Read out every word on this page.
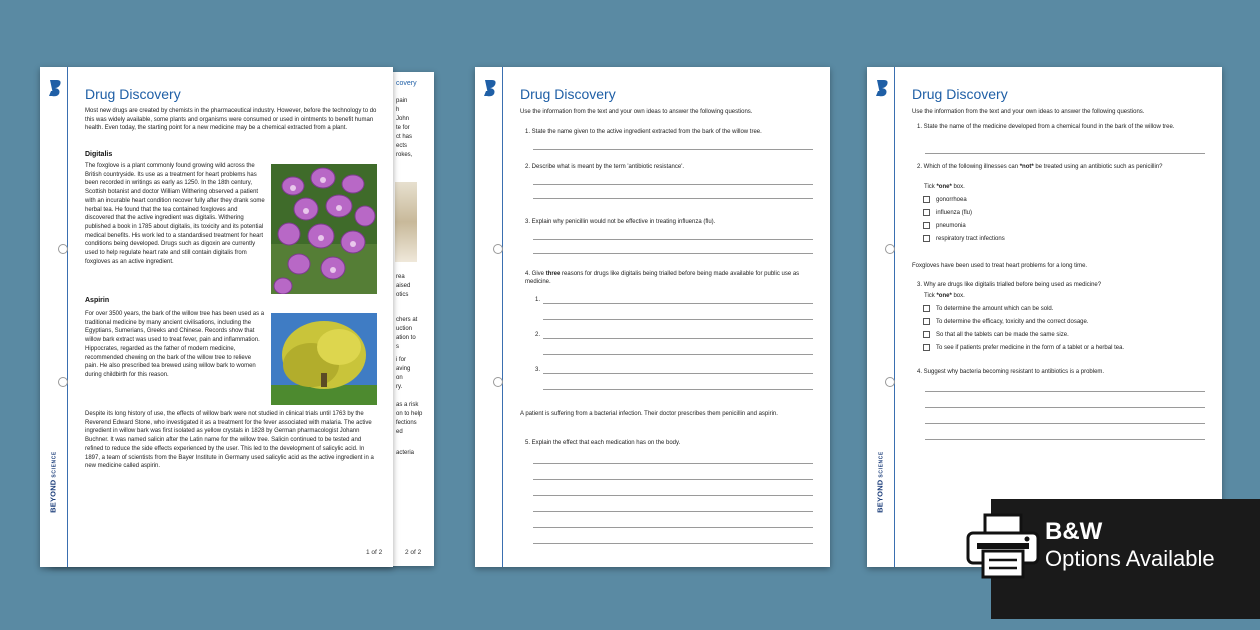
covery
pain
h
John
te for
ct has
ects
rokes,
rea
aised
otics
chers at
uction
ation to
s
i for
aving
on
ry.
as a risk
on to help
fections
ed
acteria
2 of 2
BEYONDSCIENCE
Drug Discovery
Most new drugs are created by chemists in the pharmaceutical industry. However, before the technology to do this was widely available, some plants and organisms were consumed or used in ointments to benefit human health. Even today, the starting point for a new medicine may be a chemical extracted from a plant.
Digitalis
The foxglove is a plant commonly found growing wild across the British countryside. Its use as a treatment for heart problems has been recorded in writings as early as 1250. In the 18th century, Scottish botanist and doctor William Withering observed a patient with an incurable heart condition recover fully after they drank some herbal tea. He found that the tea contained foxgloves and discovered that the active ingredient was digitalis. Withering published a book in 1785 about digitalis, its toxicity and its potential medical benefits. His work led to a standardised treatment for heart conditions being developed. Drugs such as digoxin are currently used to help regulate heart rate and still contain digitalis from foxgloves as an active ingredient.
Aspirin
For over 3500 years, the bark of the willow tree has been used as a traditional medicine by many ancient civilisations, including the Egyptians, Sumerians, Greeks and Chinese. Records show that willow bark extract was used to treat fever, pain and inflammation. Hippocrates, regarded as the father of modern medicine, recommended chewing on the bark of the willow tree to relieve pain. He also prescribed tea brewed using willow bark to women during childbirth for this reason.
Despite its long history of use, the effects of willow bark were not studied in clinical trials until 1763 by the Reverend Edward Stone, who investigated it as a treatment for the fever associated with malaria. The active ingredient in willow bark was first isolated as yellow crystals in 1828 by German pharmacologist Johann Buchner. It was named salicin after the Latin name for the willow tree. Salicin continued to be tested and refined to reduce the side effects experienced by the user. This led to the development of salicylic acid. In 1897, a team of scientists from the Bayer Institute in Germany used salicylic acid as the active ingredient in a new medicine called aspirin.
1 of 2
Drug Discovery
Use the information from the text and your own ideas to answer the following questions.
1. State the name given to the active ingredient extracted from the bark of the willow tree.
2. Describe what is meant by the term 'antibiotic resistance'.
3. Explain why penicillin would not be effective in treating influenza (flu).
4. Give three reasons for drugs like digitalis being trialled before being made available for public use as medicine.
1.
2.
3.
A patient is suffering from a bacterial infection. Their doctor prescribes them penicillin and aspirin.
5. Explain the effect that each medication has on the body.
BEYONDSCIENCE
Drug Discovery
Use the information from the text and your own ideas to answer the following questions.
1. State the name of the medicine developed from a chemical found in the bark of the willow tree.
2. Which of the following illnesses can *not* be treated using an antibiotic such as penicillin?
Tick *one* box.
gonorrhoea
influenza (flu)
pneumonia
respiratory tract infections
Foxgloves have been used to treat heart problems for a long time.
3. Why are drugs like digitalis trialled before being used as medicine?
Tick *one* box.
To determine the amount which can be sold.
To determine the efficacy, toxicity and the correct dosage.
So that all the tablets can be made the same size.
To see if patients prefer medicine in the form of a tablet or a herbal tea.
4. Suggest why bacteria becoming resistant to antibiotics is a problem.
B&W
Options Available
